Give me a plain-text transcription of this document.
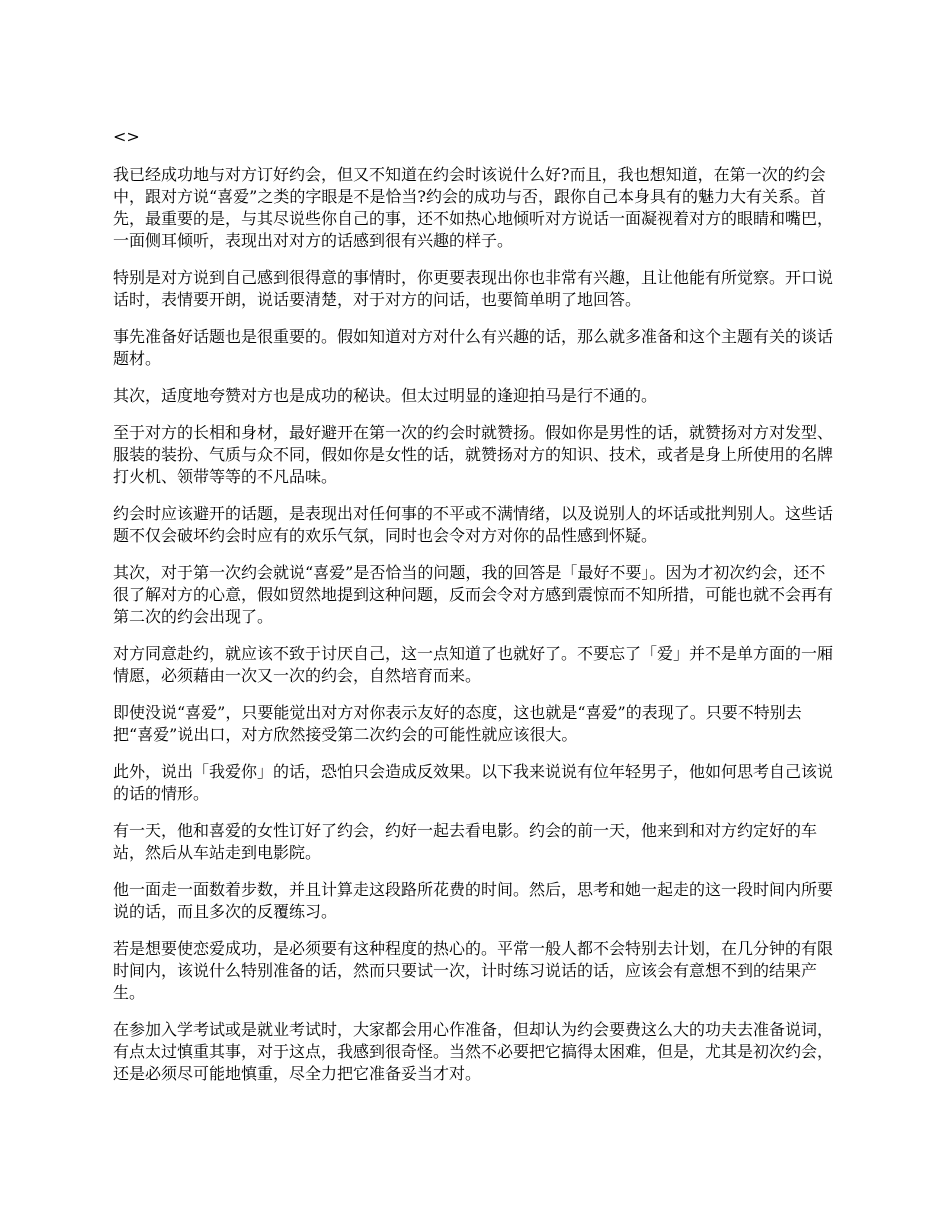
<>

我已经成功地与对方订好约会，但又不知道在约会时该说什么好?而且，我也想知道，在第一次的约会中，跟对方说“喜爱”之类的字眼是不是恰当?约会的成功与否，跟你自己本身具有的魅力大有关系。首先，最重要的是，与其尽说些你自己的事，还不如热心地倾听对方说话一面凝视着对方的眼睛和嘴巴，一面侧耳倾听，表现出对对方的话感到很有兴趣的样子。

特别是对方说到自己感到很得意的事情时，你更要表现出你也非常有兴趣，且让他能有所觉察。开口说话时，表情要开朗，说话要清楚，对于对方的问话，也要简单明了地回答。

事先准备好话题也是很重要的。假如知道对方对什么有兴趣的话，那么就多准备和这个主题有关的谈话题材。

其次，适度地夸赞对方也是成功的秘诀。但太过明显的逢迎拍马是行不通的。

至于对方的长相和身材，最好避开在第一次的约会时就赞扬。假如你是男性的话，就赞扬对方对发型、服装的装扮、气质与众不同，假如你是女性的话，就赞扬对方的知识、技术，或者是身上所使用的名牌打火机、领带等等的不凡品味。

约会时应该避开的话题，是表现出对任何事的不平或不满情绪，以及说别人的坏话或批判别人。这些话题不仅会破坏约会时应有的欢乐气氛，同时也会令对方对你的品性感到怀疑。

其次，对于第一次约会就说“喜爱”是否恰当的问题，我的回答是「最好不要」。因为才初次约会，还不很了解对方的心意，假如贸然地提到这种问题，反而会令对方感到震惊而不知所措，可能也就不会再有第二次的约会出现了。

对方同意赴约，就应该不致于讨厌自己，这一点知道了也就好了。不要忘了「爱」并不是单方面的一厢情愿，必须藉由一次又一次的约会，自然培育而来。

即使没说“喜爱”，只要能觉出对方对你表示友好的态度，这也就是“喜爱”的表现了。只要不特别去把“喜爱”说出口，对方欣然接受第二次约会的可能性就应该很大。

此外，说出「我爱你」的话，恐怕只会造成反效果。以下我来说说有位年轻男子，他如何思考自己该说的话的情形。

有一天，他和喜爱的女性订好了约会，约好一起去看电影。约会的前一天，他来到和对方约定好的车站，然后从车站走到电影院。

他一面走一面数着步数，并且计算走这段路所花费的时间。然后，思考和她一起走的这一段时间内所要说的话，而且多次的反覆练习。

若是想要使恋爱成功，是必须要有这种程度的热心的。平常一般人都不会特别去计划，在几分钟的有限时间内，该说什么特别准备的话，然而只要试一次，计时练习说话的话，应该会有意想不到的结果产生。

在参加入学考试或是就业考试时，大家都会用心作准备，但却认为约会要费这么大的功夫去准备说词，有点太过慎重其事，对于这点，我感到很奇怪。当然不必要把它搞得太困难，但是，尤其是初次约会，还是必须尽可能地慎重，尽全力把它准备妥当才对。
